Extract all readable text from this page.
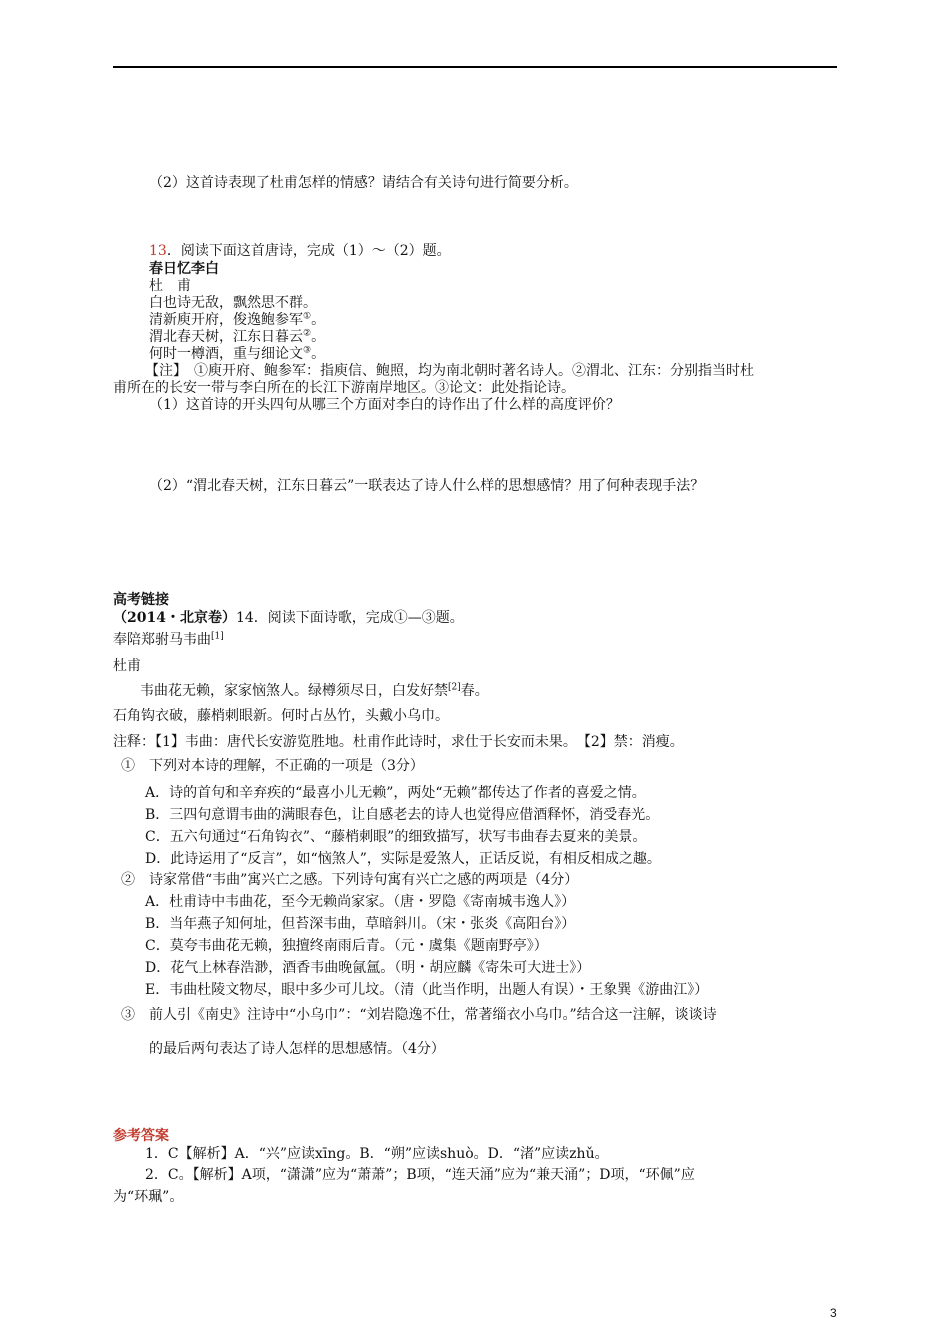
（2）这首诗表现了杜甫怎样的情感？请结合有关诗句进行简要分析。
13．阅读下面这首唐诗，完成（1）～（2）题。
春日忆李白
杜　甫
白也诗无敌，飘然思不群。
清新庾开府，俊逸鲍参军①。
渭北春天树，江东日暮云②。
何时一樽酒，重与细论文③。
【注】　①庾开府、鲍参军：指庾信、鲍照，均为南北朝时著名诗人。②渭北、江东：分别指当时杜
甫所在的长安一带与李白所在的长江下游南岸地区。③论文：此处指论诗。
（1）这首诗的开头四句从哪三个方面对李白的诗作出了什么样的高度评价？
（2）“渭北春天树，江东日暮云”一联表达了诗人什么样的思想感情？用了何种表现手法？
高考链接
（2014・北京卷）14．阅读下面诗歌，完成①—③题。
奉陪郑驸马韦曲[1]
杜甫
韦曲花无赖，家家恼煞人。绿樽须尽日，白发好禁[2]春。
石角钩衣破，藤梢刺眼新。何时占丛竹，头戴小乌巾。
注释：【1】韦曲：唐代长安游览胜地。杜甫作此诗时，求仕于长安而未果。　【2】禁：消瘦。
①　下列对本诗的理解，不正确的一项是（3分）
A．诗的首句和辛弃疾的“最喜小儿无赖”，两处“无赖”都传达了作者的喜爱之情。
B．三四句意谓韦曲的满眼春色，让自感老去的诗人也觉得应借酒释怀，消受春光。
C．五六句通过“石角钩衣”、“藤梢刺眼”的细致描写，状写韦曲春去夏来的美景。
D．此诗运用了“反言”，如“恼煞人”，实际是爱煞人，正话反说，有相反相成之趣。
②　诗家常借“韦曲”寓兴亡之感。下列诗句寓有兴亡之感的两项是（4分）
A．杜甫诗中韦曲花，至今无赖尚家家。（唐・罗隐《寄南城韦逸人》）
B．当年燕子知何址，但苔深韦曲，草暗斜川。（宋・张炎《高阳台》）
C．莫夸韦曲花无赖，独擅终南雨后青。（元・虞集《题南野亭》）
D．花气上林春浩渺，酒香韦曲晚氤氲。（明・胡应麟《寄朱可大进士》）
E．韦曲杜陵文物尽，眼中多少可儿坟。（清（此当作明，出题人有误）・王象巽《游曲江》）
③　前人引《南史》注诗中“小乌巾”：“刘岩隐逸不仕，常著缁衣小乌巾。”结合这一注解，谈谈诗
的最后两句表达了诗人怎样的思想感情。（4分）
参考答案
1．C【解析】A．“兴”应读xīng。B．“朔”应读shuò。D．“渚”应读zhǔ。
2．C。【解析】A项，“潇潇”应为“萧萧”；B项，“连天涌”应为“兼天涌”；D项，“环佩”应
为“环珮”。
3
